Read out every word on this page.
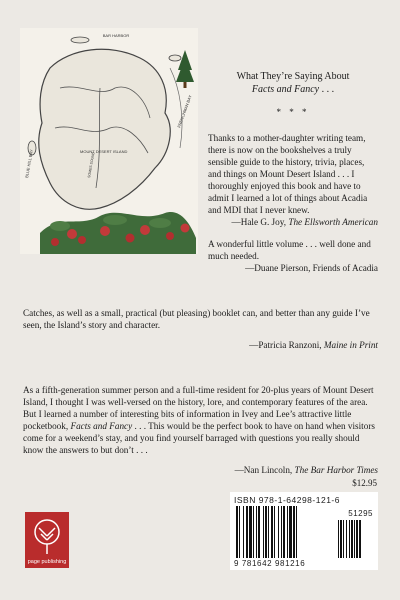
BAR HARBOR
FRENCHMAN BAY
BLUE HILL BAY	MOUNT DESERT ISLAND
SOMES SOUND

What They’re Saying About
Facts and Fancy . . .

* * *

Thanks to a mother-daughter writing team, there is now on the bookshelves a truly sensible guide to the history, trivia, places, and things on Mount Desert Island . . . I thoroughly enjoyed this book and have to admit I learned a lot of things about Acadia and MDI that I never knew.

—Hale G. Joy, The Ellsworth American

A wonderful little volume . . . well done and much needed.

—Duane Pierson, Friends of Acadia

Catches, as well as a small, practical (but pleasing) booklet can, and better than any guide I’ve seen, the Island’s story and character.

—Patricia Ranzoni, Maine in Print

As a fifth-generation summer person and a full-time resident for 20-plus years of Mount Desert Island, I thought I was well-versed on the history, lore, and contemporary features of the area. But I learned a number of interesting bits of information in Ivey and Lee’s attractive little pocketbook, Facts and Fancy . . . This would be the perfect book to have on hand when visitors come for a weekend’s stay, and you find yourself barraged with questions you really should know the answers to but don’t . . .

—Nan Lincoln, The Bar Harbor Times

$12.95
ISBN 978-1-64298-121-6
51295
9 781642 981216
page publishing
